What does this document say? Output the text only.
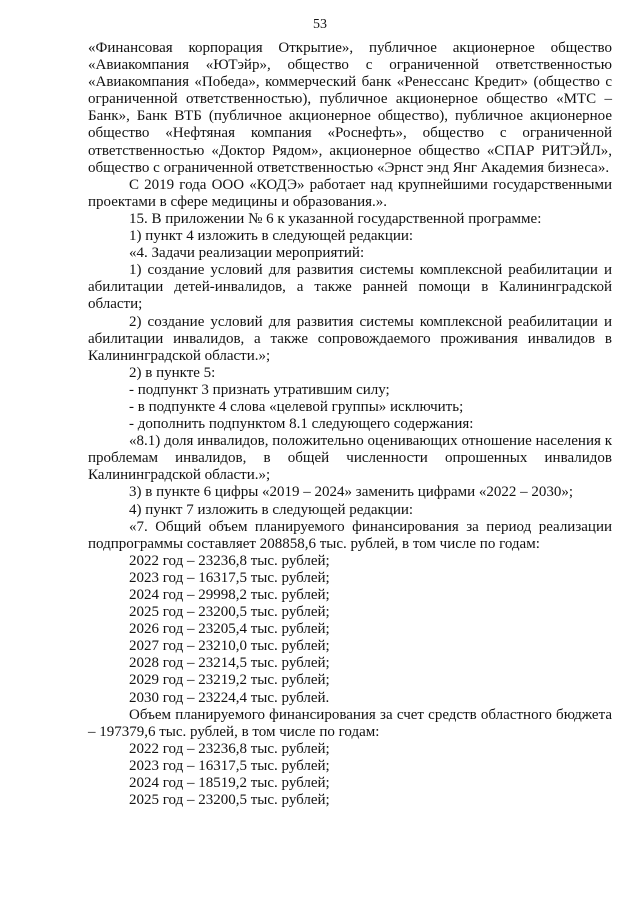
53

«Финансовая корпорация Открытие», публичное акционерное общество «Авиакомпания «ЮТэйр», общество с ограниченной ответственностью «Авиакомпания «Победа», коммерческий банк «Ренессанс Кредит» (общество с ограниченной ответственностью), публичное акционерное общество «МТС – Банк», Банк ВТБ (публичное акционерное общество), публичное акционерное общество «Нефтяная компания «Роснефть», общество с ограниченной ответственностью «Доктор Рядом», акционерное общество «СПАР РИТЭЙЛ», общество с ограниченной ответственностью «Эрнст энд Янг Академия бизнеса».

С 2019 года ООО «КОДЭ» работает над крупнейшими государственными проектами в сфере медицины и образования.».

15. В приложении № 6 к указанной государственной программе:

1) пункт 4 изложить в следующей редакции:

«4. Задачи реализации мероприятий:

1) создание условий для развития системы комплексной реабилитации и абилитации детей-инвалидов, а также ранней помощи в Калининградской области;

2) создание условий для развития системы комплексной реабилитации и абилитации инвалидов, а также сопровождаемого проживания инвалидов в Калининградской области.»;

2) в пункте 5:

- подпункт 3 признать утратившим силу;

- в подпункте 4 слова «целевой группы» исключить;

- дополнить подпунктом 8.1 следующего содержания:

«8.1) доля инвалидов, положительно оценивающих отношение населения к проблемам инвалидов, в общей численности опрошенных инвалидов Калининградской области.»;

3) в пункте 6 цифры «2019 – 2024» заменить цифрами «2022 – 2030»;

4) пункт 7 изложить в следующей редакции:

«7. Общий объем планируемого финансирования за период реализации подпрограммы составляет 208858,6 тыс. рублей, в том числе по годам:

2022 год – 23236,8 тыс. рублей;

2023 год – 16317,5 тыс. рублей;

2024 год – 29998,2 тыс. рублей;

2025 год – 23200,5 тыс. рублей;

2026 год – 23205,4 тыс. рублей;

2027 год – 23210,0 тыс. рублей;

2028 год – 23214,5 тыс. рублей;

2029 год – 23219,2 тыс. рублей;

2030 год – 23224,4 тыс. рублей.

Объем планируемого финансирования за счет средств областного бюджета – 197379,6 тыс. рублей, в том числе по годам:

2022 год – 23236,8 тыс. рублей;

2023 год – 16317,5 тыс. рублей;

2024 год – 18519,2 тыс. рублей;

2025 год – 23200,5 тыс. рублей;
